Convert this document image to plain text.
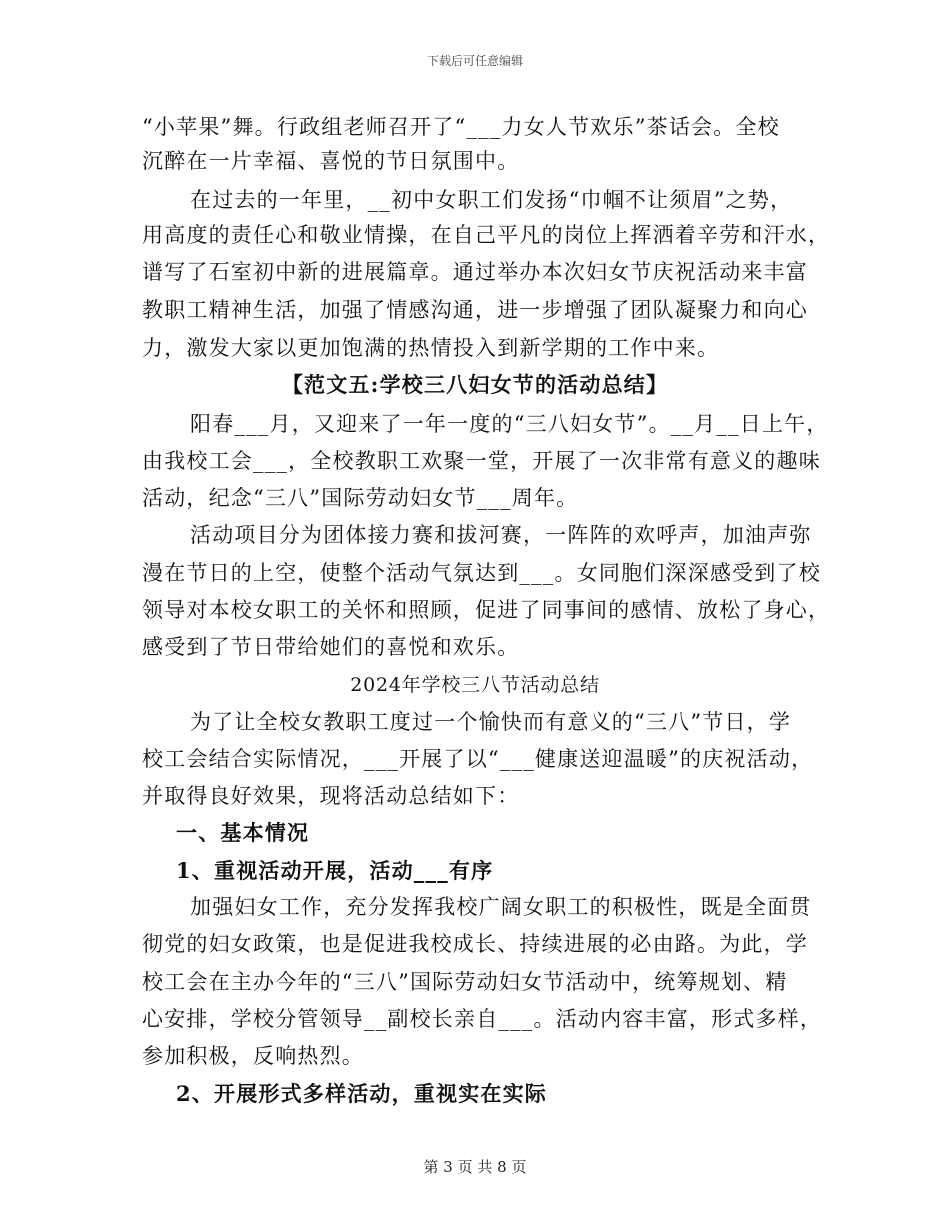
下载后可任意编辑
“小苹果”舞。行政组老师召开了“___力女人节欢乐”茶话会。全校
沉醉在一片幸福、喜悦的节日氛围中。
在过去的一年里，__初中女职工们发扬“巾帼不让须眉”之势，
用高度的责任心和敬业情操，在自己平凡的岗位上挥洒着辛劳和汗水，
谱写了石室初中新的进展篇章。通过举办本次妇女节庆祝活动来丰富
教职工精神生活，加强了情感沟通，进一步增强了团队凝聚力和向心
力，激发大家以更加饱满的热情投入到新学期的工作中来。
【范文五:学校三八妇女节的活动总结】
阳春___月，又迎来了一年一度的“三八妇女节”。__月__日上午，
由我校工会___，全校教职工欢聚一堂，开展了一次非常有意义的趣味
活动，纪念“三八”国际劳动妇女节___周年。
活动项目分为团体接力赛和拔河赛，一阵阵的欢呼声，加油声弥
漫在节日的上空，使整个活动气氛达到___。女同胞们深深感受到了校
领导对本校女职工的关怀和照顾，促进了同事间的感情、放松了身心，
感受到了节日带给她们的喜悦和欢乐。
2024年学校三八节活动总结
为了让全校女教职工度过一个愉快而有意义的“三八”节日，学
校工会结合实际情况，___开展了以“___健康送迎温暖”的庆祝活动，
并取得良好效果，现将活动总结如下：
一、基本情况
1、重视活动开展，活动___有序
加强妇女工作，充分发挥我校广阔女职工的积极性，既是全面贯
彻党的妇女政策，也是促进我校成长、持续进展的必由路。为此，学
校工会在主办今年的“三八”国际劳动妇女节活动中，统筹规划、精
心安排，学校分管领导__副校长亲自___。活动内容丰富，形式多样，
参加积极，反响热烈。
2、开展形式多样活动，重视实在实际
第 3 页 共 8 页
